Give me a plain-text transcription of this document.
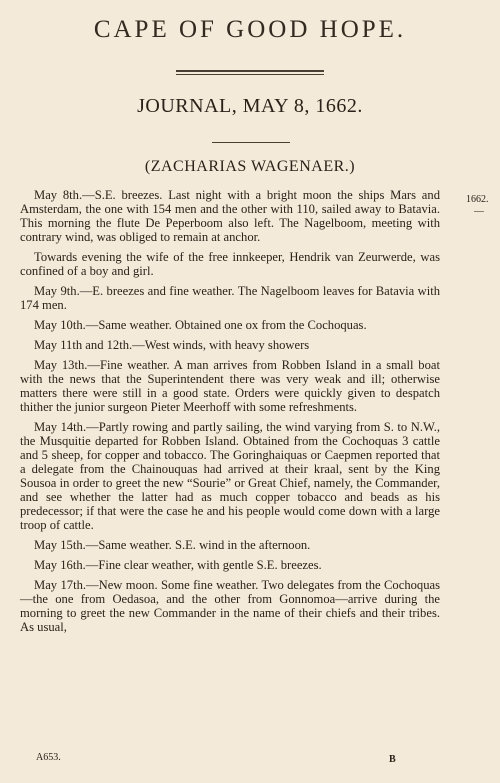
CAPE OF GOOD HOPE.
JOURNAL, MAY 8, 1662.
(ZACHARIAS WAGENAER.)
1662.
—

May 8th.—S.E. breezes. Last night with a bright moon the ships Mars and Amsterdam, the one with 154 men and the other with 110, sailed away to Batavia. This morning the flute De Peperboom also left. The Nagelboom, meeting with contrary wind, was obliged to remain at anchor.

Towards evening the wife of the free innkeeper, Hendrik van Zeurwerde, was confined of a boy and girl.

May 9th.—E. breezes and fine weather. The Nagelboom leaves for Batavia with 174 men.

May 10th.—Same weather. Obtained one ox from the Cochoquas.

May 11th and 12th.—West winds, with heavy showers

May 13th.—Fine weather. A man arrives from Robben Island in a small boat with the news that the Superintendent there was very weak and ill; otherwise matters there were still in a good state. Orders were quickly given to despatch thither the junior surgeon Pieter Meerhoff with some refreshments.

May 14th.—Partly rowing and partly sailing, the wind varying from S. to N.W., the Musquitie departed for Robben Island. Obtained from the Cochoquas 3 cattle and 5 sheep, for copper and tobacco. The Goringhaiquas or Caepmen reported that a delegate from the Chainouquas had arrived at their kraal, sent by the King Sousoa in order to greet the new “Sourie” or Great Chief, namely, the Commander, and see whether the latter had as much copper tobacco and beads as his predecessor; if that were the case he and his people would come down with a large troop of cattle.

May 15th.—Same weather. S.E. wind in the afternoon.

May 16th.—Fine clear weather, with gentle S.E. breezes.

May 17th.—New moon. Some fine weather. Two delegates from the Cochoquas—the one from Oedasoa, and the other from Gonnomoa—arrive during the morning to greet the new Commander in the name of their chiefs and their tribes. As usual,

A653.	B
